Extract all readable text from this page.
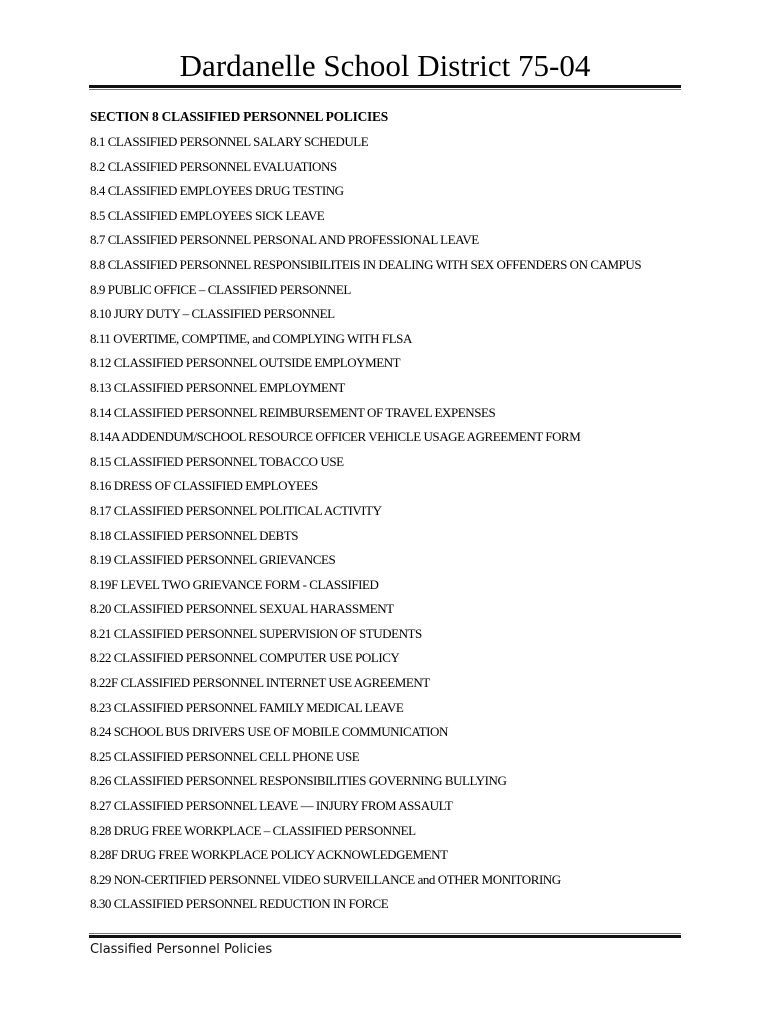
Dardanelle School District 75-04
SECTION 8 CLASSIFIED PERSONNEL POLICIES
8.1 CLASSIFIED PERSONNEL SALARY SCHEDULE
8.2 CLASSIFIED PERSONNEL EVALUATIONS
8.4 CLASSIFIED EMPLOYEES DRUG TESTING
8.5 CLASSIFIED EMPLOYEES SICK LEAVE
8.7 CLASSIFIED PERSONNEL PERSONAL AND PROFESSIONAL LEAVE
8.8 CLASSIFIED PERSONNEL RESPONSIBILITEIS IN DEALING WITH SEX OFFENDERS ON CAMPUS
8.9 PUBLIC OFFICE – CLASSIFIED PERSONNEL
8.10 JURY DUTY – CLASSIFIED PERSONNEL
8.11 OVERTIME, COMPTIME, and COMPLYING WITH FLSA
8.12 CLASSIFIED PERSONNEL OUTSIDE EMPLOYMENT
8.13 CLASSIFIED PERSONNEL EMPLOYMENT
8.14 CLASSIFIED PERSONNEL REIMBURSEMENT OF TRAVEL EXPENSES
8.14A ADDENDUM/SCHOOL RESOURCE OFFICER VEHICLE USAGE AGREEMENT FORM
8.15 CLASSIFIED PERSONNEL TOBACCO USE
8.16 DRESS OF CLASSIFIED EMPLOYEES
8.17 CLASSIFIED PERSONNEL POLITICAL ACTIVITY
8.18 CLASSIFIED PERSONNEL DEBTS
8.19 CLASSIFIED PERSONNEL GRIEVANCES
8.19F LEVEL TWO GRIEVANCE FORM - CLASSIFIED
8.20 CLASSIFIED PERSONNEL SEXUAL HARASSMENT
8.21 CLASSIFIED PERSONNEL SUPERVISION OF STUDENTS
8.22 CLASSIFIED PERSONNEL COMPUTER USE POLICY
8.22F CLASSIFIED PERSONNEL INTERNET USE AGREEMENT
8.23 CLASSIFIED PERSONNEL FAMILY MEDICAL LEAVE
8.24 SCHOOL BUS DRIVERS USE OF MOBILE COMMUNICATION
8.25 CLASSIFIED PERSONNEL CELL PHONE USE
8.26 CLASSIFIED PERSONNEL RESPONSIBILITIES GOVERNING BULLYING
8.27 CLASSIFIED PERSONNEL LEAVE — INJURY FROM ASSAULT
8.28 DRUG FREE WORKPLACE – CLASSIFIED PERSONNEL
8.28F DRUG FREE WORKPLACE POLICY ACKNOWLEDGEMENT
8.29 NON-CERTIFIED PERSONNEL VIDEO SURVEILLANCE and OTHER MONITORING
8.30 CLASSIFIED PERSONNEL REDUCTION IN FORCE
Classified Personnel Policies
